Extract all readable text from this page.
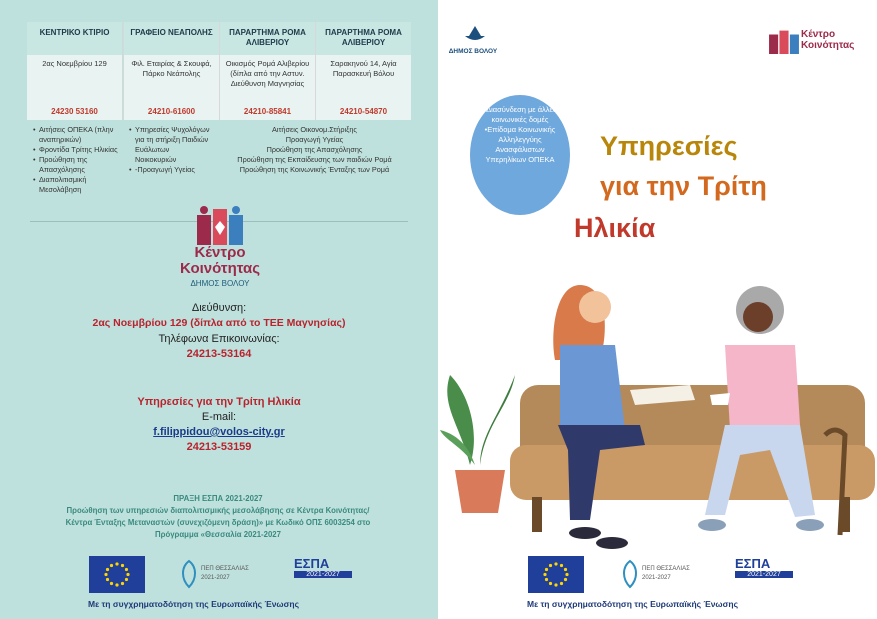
ΚΕΝΤΡΙΚΟ ΚΤΙΡΙΟ
2ας Νοεμβρίου 129
24230 53160
ΓΡΑΦΕΙΟ ΝΕΑΠΟΛΗΣ
Φιλ. Εταιρίας & Σκουφά, Πάρκο Νεάπολης
24210-61600
ΠΑΡΑΡΤΗΜΑ ΡΟΜΑ ΑΛΙΒΕΡΙΟΥ
Οικισμός Ρομά Αλιβερίου (δίπλα από την Αστυν. Διεύθυνση Μαγνησίας
24210-85841
ΠΑΡΑΡΤΗΜΑ ΡΟΜΑ ΑΛΙΒΕΡΙΟΥ
Σαρακηνού 14, Αγία Παρασκευή Βόλου
24210-54870
• Αιτήσεις ΟΠΕΚΑ (πλην αναπηρικών)
• Φροντίδα Τρίτης Ηλικίας
• Προώθηση της Απασχόλησης
• Διαπολιτισμική Μεσολάβηση
• Υπηρεσίες Ψυχολόγων για τη στήριξη Παιδιών Ευάλωτων Νοικοκυριών
• -Προαγωγή Υγείας
Αιτήσεις Οικονομ.Στήριξης
Προαγωγή Υγείας
Προώθηση της Απασχόλησης
Προώθηση της Εκπαίδευσης των παιδιών Ρομά
Προώθηση της Κοινωνικής Ένταξης των Ρομά
Κέντρο
Κοινότητας
ΔΗΜΟΣ ΒΟΛΟΥ
Διεύθυνση:
2ας Νοεμβρίου 129 (δίπλα από το ΤΕΕ Μαγνησίας)
Τηλέφωνα Επικοινωνίας:
24213-53164
Υπηρεσίες για την Τρίτη Ηλικία
E-mail:
f.filippidou@volos-city.gr
24213-53159
ΠΡΑΞΗ ΕΣΠΑ 2021-2027
Προώθηση των υπηρεσιών διαπολιτισμικής μεσολάβησης σε Κέντρα Κοινότητας/
Κέντρα Ένταξης Μεταναστών (συνεχιζόμενη δράση)» με Κωδικό ΟΠΣ 6003254 στο
Πρόγραμμα «Θεσσαλία 2021-2027
ΠΕΠ ΘΕΣΣΑΛΙΑΣ
2021-2027
ΕΣΠΑ
2021-2027
Με τη συγχρηματοδότηση της Ευρωπαϊκής Ένωσης
ΔΗΜΟΣ ΒΟΛΟΥ
Κέντρο
Κοινότητας
•Διασύνδεση με άλλες κοινωνικές δομές
•Επίδομα Κοινωνικής Αλληλεγγύης Ανασφάλιστων Υπερηλίκων ΟΠΕΚΑ	Υπηρεσίες
για την Τρίτη
Ηλικία
ΠΕΠ ΘΕΣΣΑΛΙΑΣ
2021-2027
ΕΣΠΑ
2021-2027
Με τη συγχρηματοδότηση της Ευρωπαϊκής Ένωσης
